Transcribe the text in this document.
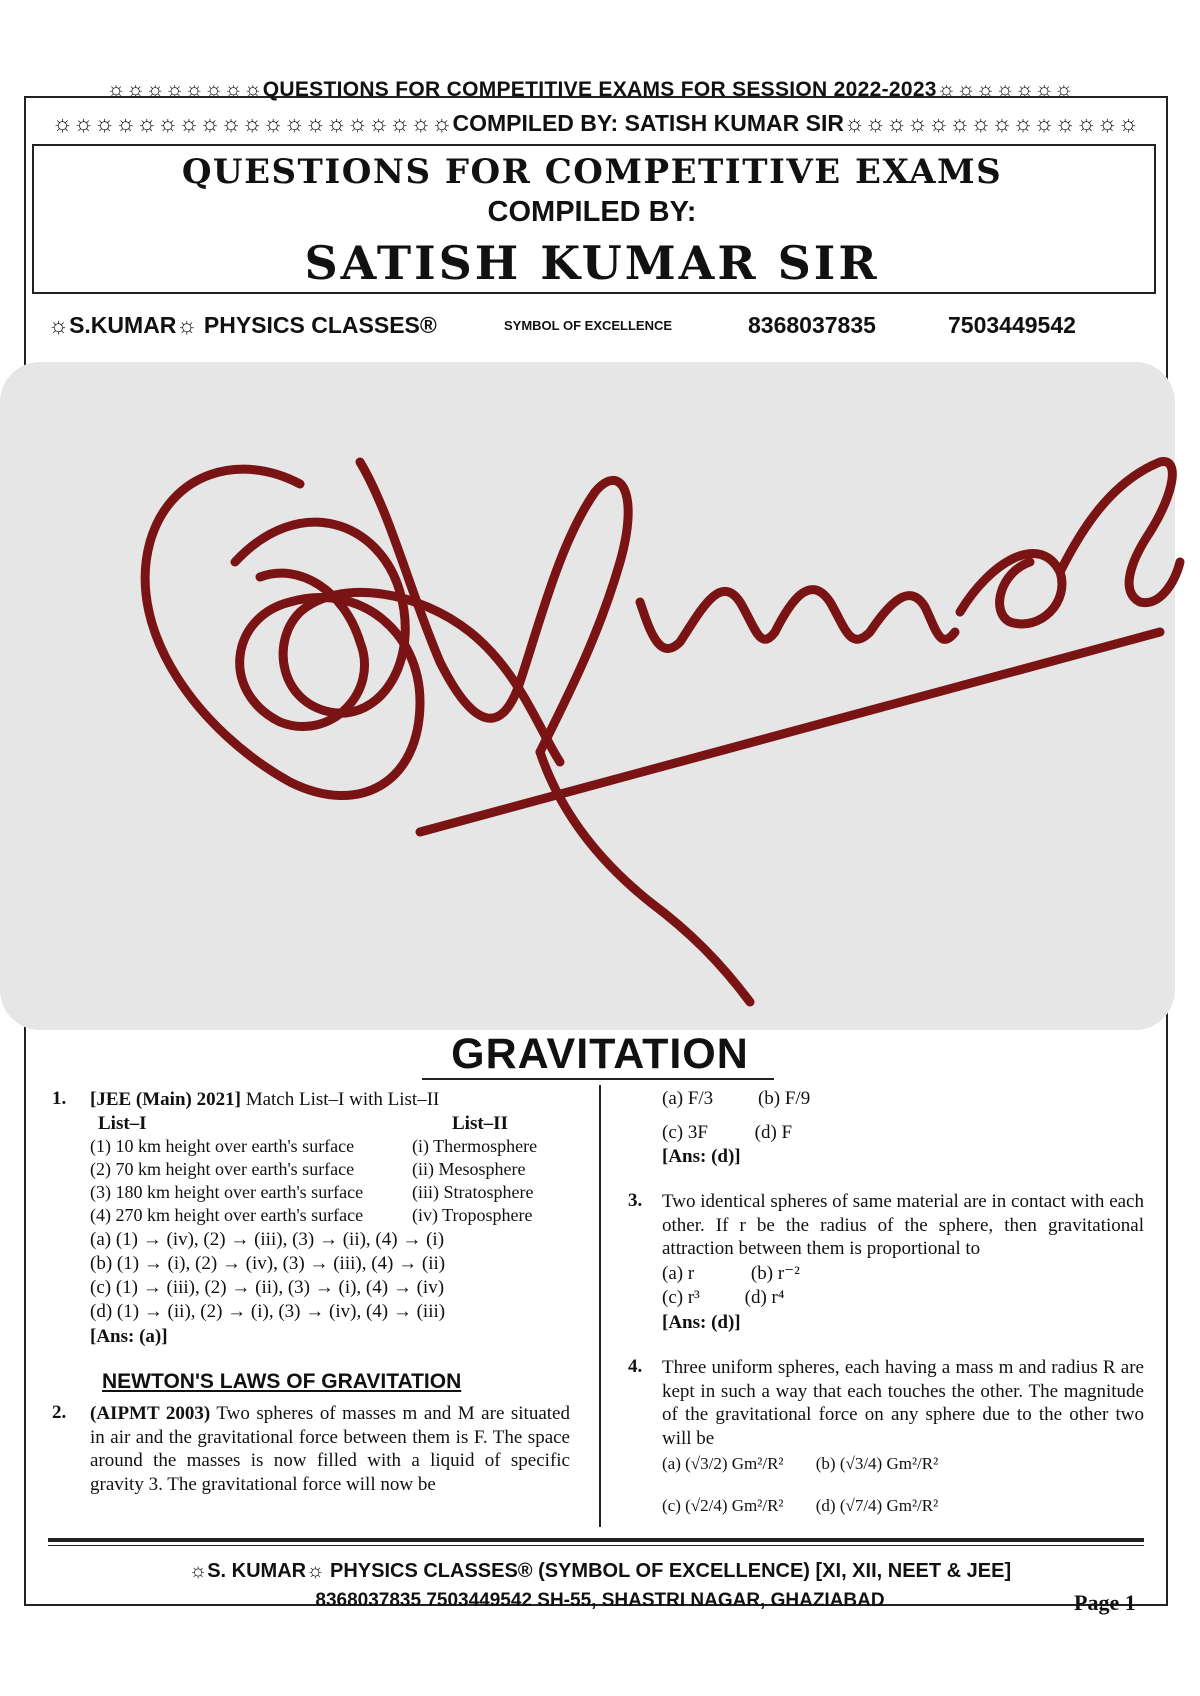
☼☼☼☼☼☼☼☼QUESTIONS FOR COMPETITIVE EXAMS FOR SESSION 2022-2023☼☼☼☼☼☼☼
☼☼☼☼☼☼☼☼☼☼☼☼☼☼☼☼☼☼☼COMPILED BY: SATISH KUMAR SIR☼☼☼☼☼☼☼☼☼☼☼☼☼☼
QUESTIONS FOR COMPETITIVE EXAMS
COMPILED BY:
SATISH KUMAR SIR
☼S.KUMAR☼ PHYSICS CLASSES®	SYMBOL OF EXCELLENCE	8368037835	7503449542
GRAVITATION
1. [JEE (Main) 2021] Match List–I with List–II
List–I	List–II
(1) 10 km height over earth's surface	(i) Thermosphere
(2) 70 km height over earth's surface	(ii) Mesosphere
(3) 180 km height over earth's surface	(iii) Stratosphere
(4) 270 km height over earth's surface	(iv) Troposphere
(a) (1) → (iv), (2) → (iii), (3) → (ii), (4) → (i)
(b) (1) → (i), (2) → (iv), (3) → (iii), (4) → (ii)
(c) (1) → (iii), (2) → (ii), (3) → (i), (4) → (iv)
(d) (1) → (ii), (2) → (i), (3) → (iv), (4) → (iii)
[Ans: (a)]
NEWTON'S LAWS OF GRAVITATION
2. (AIPMT 2003) Two spheres of masses m and M are situated in air and the gravitational force between them is F. The space around the masses is now filled with a liquid of specific gravity 3. The gravitational force will now be
(a) F/3 (b) F/9
(c) 3F (d) F
[Ans: (d)]
3. Two identical spheres of same material are in contact with each other. If r be the radius of the sphere, then gravitational attraction between them is proportional to
(a) r	(b) r⁻²
(c) r³ (d) r⁴
[Ans: (d)]
4. Three uniform spheres, each having a mass m and radius R are kept in such a way that each touches the other. The magnitude of the gravitational force on any sphere due to the other two will be
(a) (√3/2) Gm²/R² (b) (√3/4) Gm²/R²
(c) (√2/4) Gm²/R² (d) (√7/4) Gm²/R²
☼S. KUMAR☼ PHYSICS CLASSES® (SYMBOL OF EXCELLENCE) [XI, XII, NEET & JEE]
8368037835 7503449542 SH-55, SHASTRI NAGAR, GHAZIABAD	Page 1
